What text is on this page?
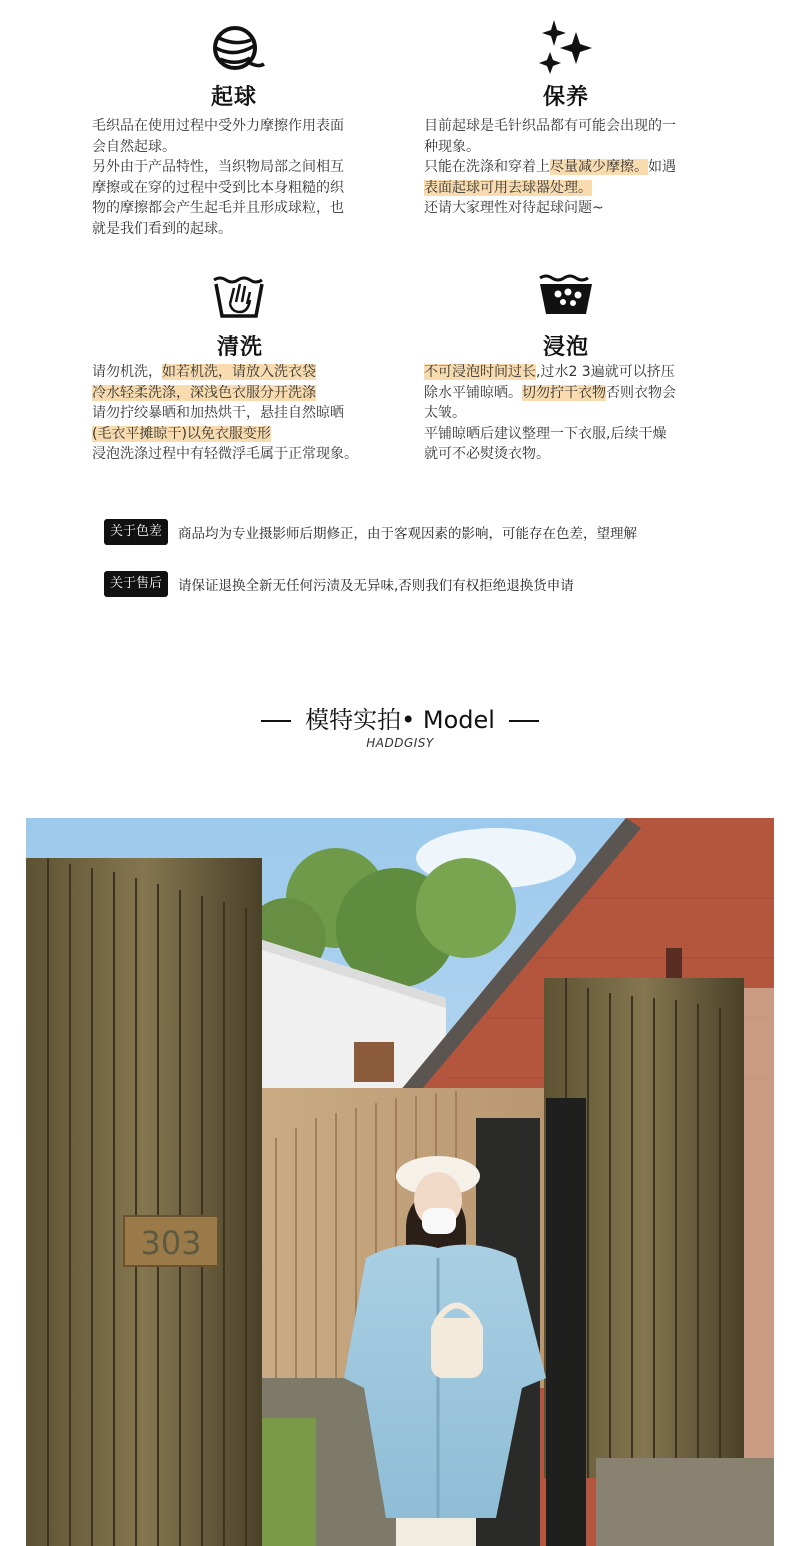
起球
毛织品在使用过程中受外力摩擦作用表面
会自然起球。
另外由于产品特性，当织物局部之间相互
摩擦或在穿的过程中受到比本身粗糙的织
物的摩擦都会产生起毛并且形成球粒，也
就是我们看到的起球。
保养
目前起球是毛针织品都有可能会出现的一
种现象。
只能在洗涤和穿着上尽量减少摩擦。如遇
表面起球可用去球器处理。
还请大家理性对待起球问题~
清洗
请勿机洗，如若机洗，请放入洗衣袋
冷水轻柔洗涤，深浅色衣服分开洗涤
请勿拧绞暴晒和加热烘干，悬挂自然晾晒
(毛衣平摊晾干)以免衣服变形
浸泡洗涤过程中有轻微浮毛属于正常现象。
浸泡
不可浸泡时间过长,过水2 3遍就可以挤压
除水平铺晾晒。切勿拧干衣物否则衣物会
太皱。
平铺晾晒后建议整理一下衣服,后续干燥
就可不必熨烫衣物。
关于色差	商品均为专业摄影师后期修正，由于客观因素的影响，可能存在色差，望理解
关于售后	请保证退换全新无任何污渍及无异味,否则我们有权拒绝退换货申请
模特实拍• Model
HADDGISY
303
